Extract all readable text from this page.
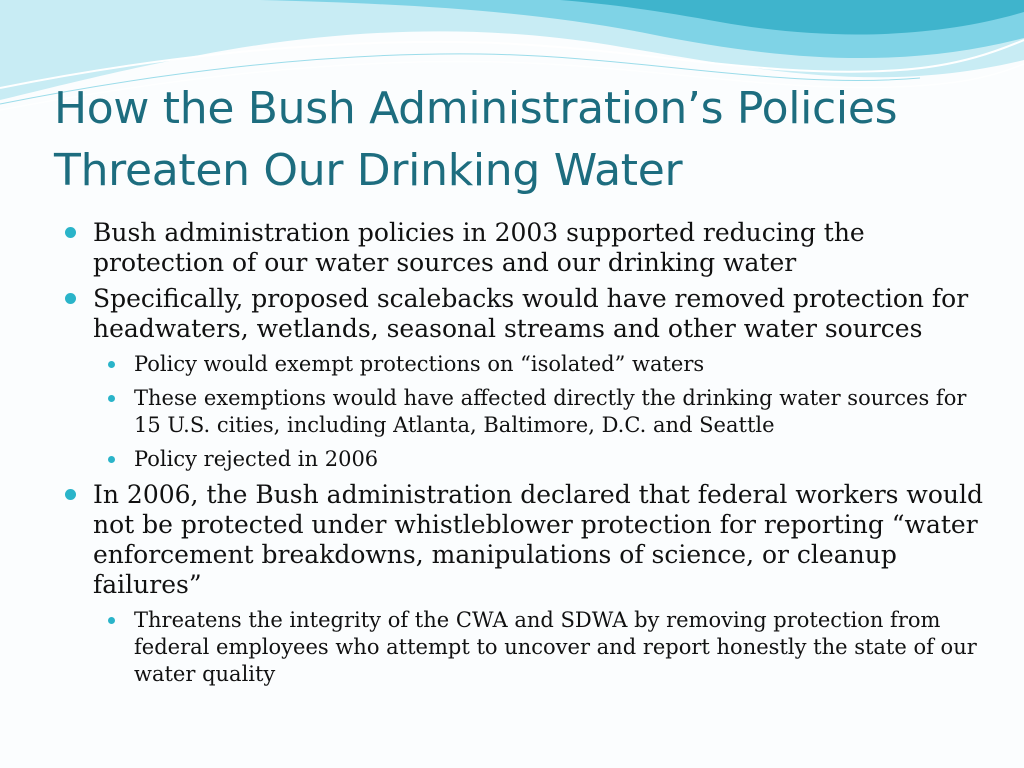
How the Bush Administration’s Policies
Threaten Our Drinking Water
Bush administration policies in 2003 supported reducing the protection of our water sources and our drinking water
Specifically, proposed scalebacks would have removed protection for headwaters, wetlands, seasonal streams and other water sources
Policy would exempt protections on “isolated” waters
These exemptions would have affected directly the drinking water sources for 15 U.S. cities, including Atlanta, Baltimore, D.C. and Seattle
Policy rejected in 2006
In 2006, the Bush administration declared that federal workers would not be protected under whistleblower protection for reporting “water enforcement breakdowns, manipulations of science, or cleanup failures”
Threatens the integrity of the CWA and SDWA by removing protection from federal employees who attempt to uncover and report honestly the state of our water quality
